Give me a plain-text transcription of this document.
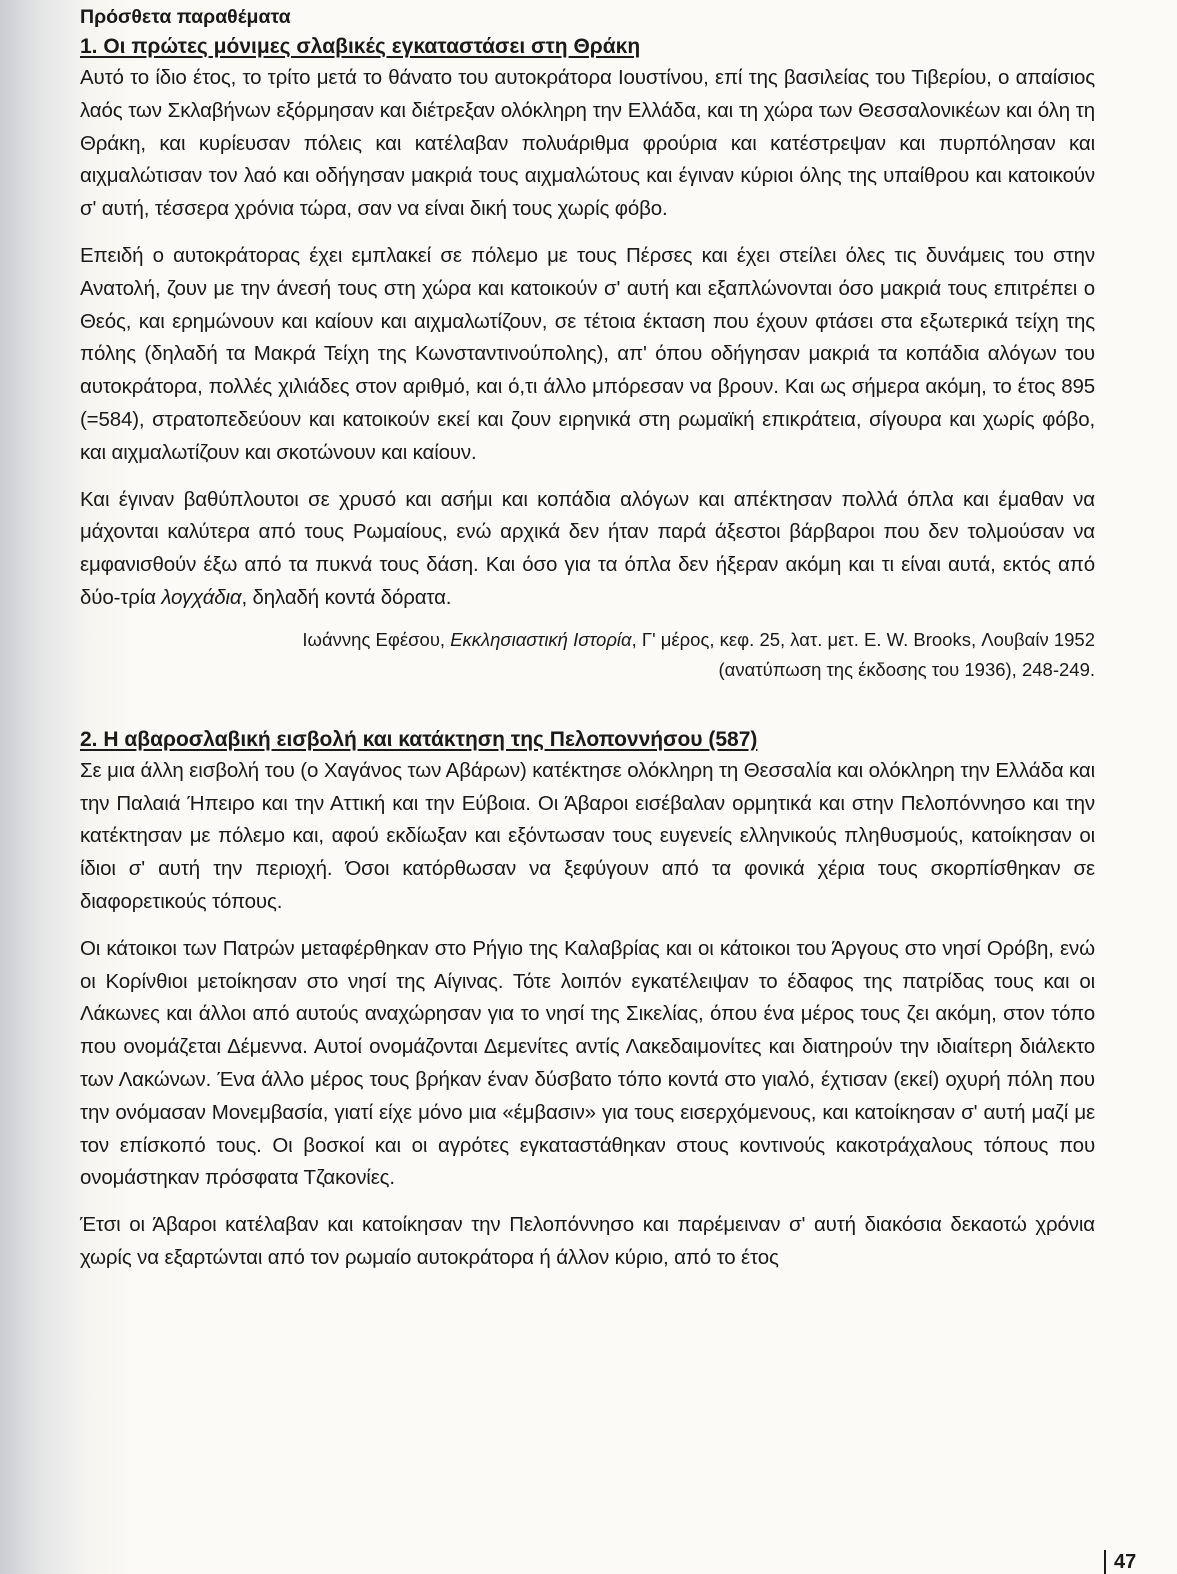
Πρόσθετα παραθέματα
1. Οι πρώτες μόνιμες σλαβικές εγκαταστάσει στη Θράκη

Αυτό το ίδιο έτος, το τρίτο μετά το θάνατο του αυτοκράτορα Ιουστίνου, επί της βασιλείας του Τιβερίου, ο απαίσιος λαός των Σκλαβήνων εξόρμησαν και διέτρεξαν ολόκληρη την Ελλάδα, και τη χώρα των Θεσσαλονικέων και όλη τη Θράκη, και κυρίευσαν πόλεις και κατέλαβαν πολυάριθμα φρούρια και κατέστρεψαν και πυρπόλησαν και αιχμαλώτισαν τον λαό και οδήγησαν μακριά τους αιχμαλώτους και έγιναν κύριοι όλης της υπαίθρου και κατοικούν σ' αυτή, τέσσερα χρόνια τώρα, σαν να είναι δική τους χωρίς φόβο.

Επειδή ο αυτοκράτορας έχει εμπλακεί σε πόλεμο με τους Πέρσες και έχει στείλει όλες τις δυνάμεις του στην Ανατολή, ζουν με την άνεσή τους στη χώρα και κατοικούν σ' αυτή και εξαπλώνονται όσο μακριά τους επιτρέπει ο Θεός, και ερημώνουν και καίουν και αιχμαλωτίζουν, σε τέτοια έκταση που έχουν φτάσει στα εξωτερικά τείχη της πόλης (δηλαδή τα Μακρά Τείχη της Κωνσταντινούπολης), απ' όπου οδήγησαν μακριά τα κοπάδια αλόγων του αυτοκράτορα, πολλές χιλιάδες στον αριθμό, και ό,τι άλλο μπόρεσαν να βρουν. Και ως σήμερα ακόμη, το έτος 895 (=584), στρατοπεδεύουν και κατοικούν εκεί και ζουν ειρηνικά στη ρωμαϊκή επικράτεια, σίγουρα και χωρίς φόβο, και αιχμαλωτίζουν και σκοτώνουν και καίουν.

Και έγιναν βαθύπλουτοι σε χρυσό και ασήμι και κοπάδια αλόγων και απέκτησαν πολλά όπλα και έμαθαν να μάχονται καλύτερα από τους Ρωμαίους, ενώ αρχικά δεν ήταν παρά άξεστοι βάρβαροι που δεν τολμούσαν να εμφανισθούν έξω από τα πυκνά τους δάση. Και όσο για τα όπλα δεν ήξεραν ακόμη και τι είναι αυτά, εκτός από δύο-τρία λογχάδια, δηλαδή κοντά δόρατα.

Ιωάννης Εφέσου, Εκκλησιαστική Ιστορία, Γ' μέρος, κεφ. 25, λατ. μετ. E. W. Brooks, Λουβαίν 1952
(ανατύπωση της έκδοσης του 1936), 248-249.

2. Η αβαροσλαβική εισβολή και κατάκτηση της Πελοποννήσου (587)

Σε μια άλλη εισβολή του (ο Χαγάνος των Αβάρων) κατέκτησε ολόκληρη τη Θεσσαλία και ολόκληρη την Ελλάδα και την Παλαιά Ήπειρο και την Αττική και την Εύβοια. Οι Άβαροι εισέβαλαν ορμητικά και στην Πελοπόννησο και την κατέκτησαν με πόλεμο και, αφού εκδίωξαν και εξόντωσαν τους ευγενείς ελληνικούς πληθυσμούς, κατοίκησαν οι ίδιοι σ' αυτή την περιοχή. Όσοι κατόρθωσαν να ξεφύγουν από τα φονικά χέρια τους σκορπίσθηκαν σε διαφορετικούς τόπους.

Οι κάτοικοι των Πατρών μεταφέρθηκαν στο Ρήγιο της Καλαβρίας και οι κάτοικοι του Άργους στο νησί Ορόβη, ενώ οι Κορίνθιοι μετοίκησαν στο νησί της Αίγινας. Τότε λοιπόν εγκατέλειψαν το έδαφος της πατρίδας τους και οι Λάκωνες και άλλοι από αυτούς αναχώρησαν για το νησί της Σικελίας, όπου ένα μέρος τους ζει ακόμη, στον τόπο που ονομάζεται Δέμεννα. Αυτοί ονομάζονται Δεμενίτες αντίς Λακεδαιμονίτες και διατηρούν την ιδιαίτερη διάλεκτο των Λακώνων. Ένα άλλο μέρος τους βρήκαν έναν δύσβατο τόπο κοντά στο γιαλό, έχτισαν (εκεί) οχυρή πόλη που την ονόμασαν Μονεμβασία, γιατί είχε μόνο μια «έμβασιν» για τους εισερχόμενους, και κατοίκησαν σ' αυτή μαζί με τον επίσκοπό τους. Οι βοσκοί και οι αγρότες εγκαταστάθηκαν στους κοντινούς κακοτράχαλους τόπους που ονομάστηκαν πρόσφατα Τζακονίες.

Έτσι οι Άβαροι κατέλαβαν και κατοίκησαν την Πελοπόννησο και παρέμειναν σ' αυτή διακόσια δεκαοτώ χρόνια χωρίς να εξαρτώνται από τον ρωμαίο αυτοκράτορα ή άλλον κύριο, από το έτος

47
